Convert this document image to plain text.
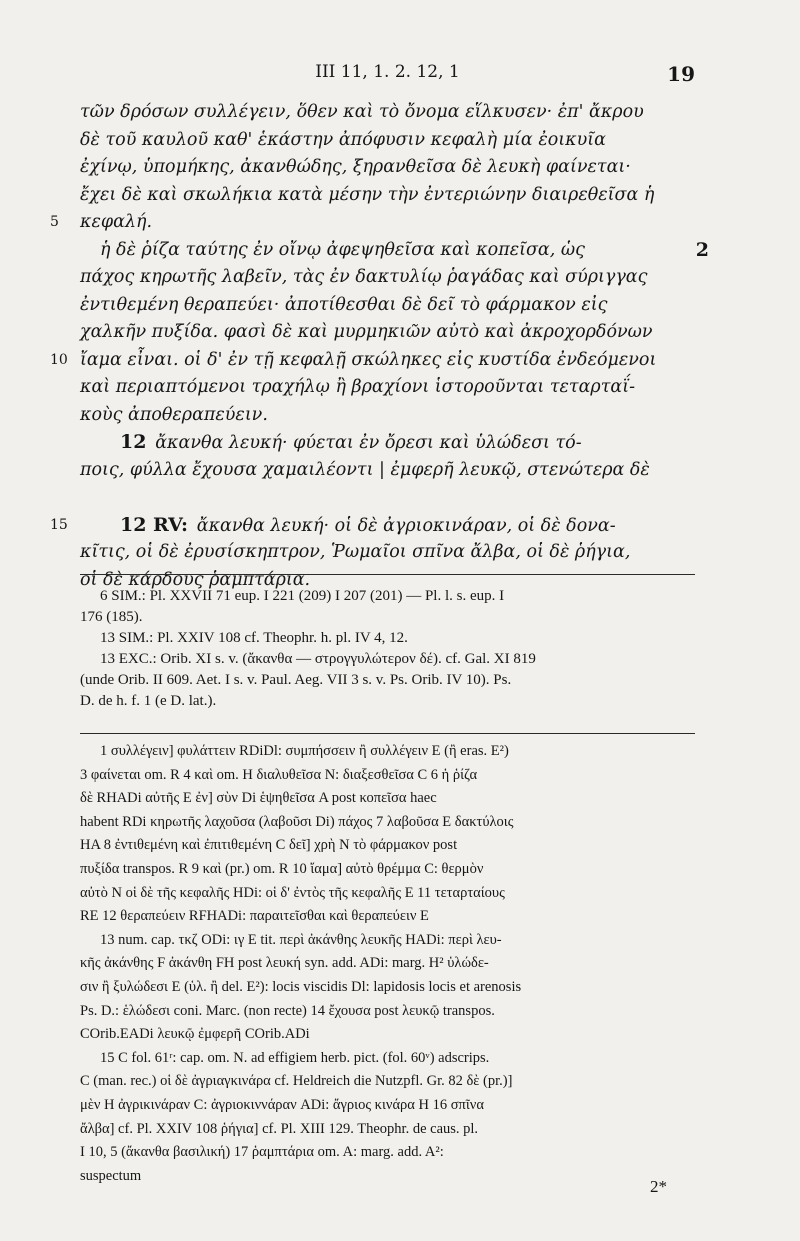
III 11, 1. 2. 12, 1	19
τῶν δρόσων συλλέγειν, ὅθεν καὶ τὸ ὄνομα εἵλκυσεν· ἐπ' ἄκρου
δὲ τοῦ καυλοῦ καθ' ἑκάστην ἀπόφυσιν κεφαλὴ μία ἐοικυῖα
ἐχίνῳ, ὑπομήκης, ἀκανθώδης, ξηρανθεῖσα δὲ λευκὴ φαίνεται·
ἔχει δὲ καὶ σκωλήκια κατὰ μέσην τὴν ἐντεριώνην διαιρεθεῖσα ἡ
5 κεφαλή.
ἡ δὲ ῥίζα ταύτης ἐν οἴνῳ ἀφεψηθεῖσα καὶ κοπεῖσα, ὡς	2
πάχος κηρωτῆς λαβεῖν, τὰς ἐν δακτυλίῳ ῥαγάδας καὶ σύριγγας
ἐντιθεμένη θεραπεύει· ἀποτίθεσθαι δὲ δεῖ τὸ φάρμακον εἰς
χαλκῆν πυξίδα. φασὶ δὲ καὶ μυρμηκιῶν αὐτὸ καὶ ἀκροχορδόνων
10 ἴαμα εἶναι. οἱ δ' ἐν τῇ κεφαλῇ σκώληκες εἰς κυστίδα ἐνδεόμενοι
καὶ περιαπτόμενοι τραχήλῳ ἢ βραχίονι ἱστοροῦνται τεταρταΐ-
κοὺς ἀποθεραπεύειν.
12  ἄκανθα λευκή· φύεται ἐν ὄρεσι καὶ ὑλώδεσι τό-
ποις, φύλλα ἔχουσα χαμαιλέοντι | ἐμφερῆ λευκῷ, στενώτερα δὲ
15	12 RV:  ἄκανθα λευκή· οἱ δὲ ἀγριοκινάραν, οἱ δὲ δονα-
κῖτις, οἱ δὲ ἐρυσίσκηπτρον, Ῥωμαῖοι σπῖνα ἄλβα, οἱ δὲ ῥήγια,
οἱ δὲ κάρδους ῥαμπτάρια.
6 SIM.: Pl. XXVII 71 eup. I 221 (209) I 207 (201) — Pl. l. s. eup. I
176 (185).
13 SIM.: Pl. XXIV 108 cf. Theophr. h. pl. IV 4, 12.
13 EXC.: Orib. XI s. v. (ἄκανθα — στρογγυλώτερον δέ). cf. Gal. XI 819
(unde Orib. II 609. Aet. I s. v. Paul. Aeg. VII 3 s. v. Ps. Orib. IV 10). Ps.
D. de h. f. 1 (e D. lat.).
1 συλλέγειν] φυλάττειν RDiDl: συμπήσσειν ἢ συλλέγειν E (ἢ eras. E²)
3 φαίνεται om. R 4 καὶ om. H διαλυθεῖσα N: διαξεσθεῖσα C 6 ἡ ῥίζα
δὲ RHADi αὐτῆς E ἐν] σὺν Di ἑψηθεῖσα A post κοπεῖσα haec
habent RDi κηρωτῆς λαχοῦσα (λαβοῦσι Di) πάχος 7 λαβοῦσα E δακτύλοις
HA 8 ἐντιθεμένη καὶ ἐπιτιθεμένη C δεῖ] χρὴ N τὸ φάρμακον post
πυξίδα transpos. R 9 καὶ (pr.) om. R 10 ἴαμα] αὐτὸ θρέμμα C: θερμὸν
αὐτὸ N οἱ δὲ τῆς κεφαλῆς HDi: οἱ δ' ἐντὸς τῆς κεφαλῆς E 11 τεταρταίους
RE 12 θεραπεύειν RFHADi: παραιτεῖσθαι καὶ θεραπεύειν E
13 num. cap. τκζ ODi: ιγ E tit. περὶ ἀκάνθης λευκῆς HADi: περὶ λευ-
κῆς ἀκάνθης F ἀκάνθη FH post λευκή syn. add. ADi: marg. H² ὑλώδε-
σιν ἢ ξυλώδεσι E (ὑλ. ἢ del. E²): locis viscidis Dl: lapidosis locis et arenosis
Ps. D.: ἑλώδεσι coni. Marc. (non recte) 14 ἔχουσα post λευκῷ transpos.
COrib.EADi λευκῷ ἐμφερῆ COrib.ADi
15 C fol. 61ʳ: cap. om. N. ad effigiem herb. pict. (fol. 60ᵛ) adscrips.
C (man. rec.) οἱ δὲ ἀγριαγκινάρα cf. Heldreich die Nutzpfl. Gr. 82 δὲ (pr.)]
μὲν H ἀγρικινάραν C: ἀγριοκιννάραν ADi: ἄγριος κινάρα H 16 σπῖνα
ἄλβα] cf. Pl. XXIV 108 ῥήγια] cf. Pl. XIII 129. Theophr. de caus. pl.
I 10, 5 (ἄκανθα βασιλική) 17 ῥαμπτάρια om. A: marg. add. A²:
suspectum
2*
